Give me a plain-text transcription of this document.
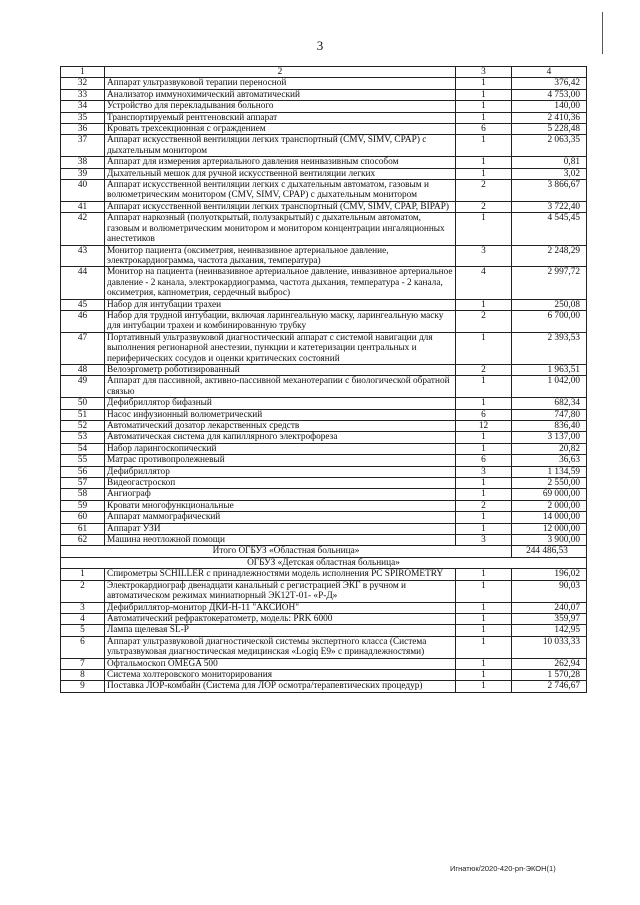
3
1	2	3	4
32	Аппарат ультразвуковой терапии переносной	1	376,42
33	Анализатор иммунохимический автоматический	1	4 753,00
34	Устройство для перекладывания больного	1	140,00
35	Транспортируемый рентгеновский аппарат	1	2 410,36
36	Кровать трехсекционная с ограждением	6	5 228,48
37	Аппарат искусственной вентиляции легких транспортный (CMV, SIMV, CPAP) с дыхательным монитором	1	2 063,35
38	Аппарат для измерения артериального давления неинвазивным способом	1	0,81
39	Дыхательный мешок для ручной искусственной вентиляции легких	1	3,02
40	Аппарат искусственной вентиляции легких с дыхательным автоматом, газовым и волюметрическим монитором (CMV, SIMV, CPAP) с дыхательным монитором	2	3 866,67
41	Аппарат искусственной вентиляции легких транспортный (CMV, SIMV, CPAP, BIPAP)	2	3 722,40
42	Аппарат наркозный (полуоткрытый, полузакрытый) с дыхательным автоматом, газовым и волюметрическим монитором и монитором концентрации ингаляционных анестетиков	1	4 545,45
43	Монитор пациента (оксиметрия, неинвазивное артериальное давление, электрокардиограмма, частота дыхания, температура)	3	2 248,29
44	Монитор на пациента (неинвазивное артериальное давление, инвазивное артериальное давление - 2 канала, электрокардиограмма, частота дыхания, температура - 2 канала, оксиметрия, капнометрия, сердечный выброс)	4	2 997,72
45	Набор для интубации трахеи	1	250,08
46	Набор для трудной интубации, включая ларингеальную маску, ларингеальную маску для интубации трахеи и комбинированную трубку	2	6 700,00
47	Портативный ультразвуковой диагностический аппарат с системой навигации для выполнения регионарной анестезии, пункции и катетеризации центральных и периферических сосудов и оценки критических состояний	1	2 393,53
48	Велоэргометр роботизированный	2	1 963,51
49	Аппарат для пассивной, активно-пассивной механотерапии с биологической обратной связью	1	1 042,00
50	Дефибриллятор бифазный	1	682,34
51	Насос инфузионный волюметрический	6	747,80
52	Автоматический дозатор лекарственных средств	12	836,40
53	Автоматическая система для капиллярного электрофореза	1	3 137,00
54	Набор ларингоскопический	1	20,82
55	Матрас противопролежневый	6	36,63
56	Дефибриллятор	3	1 134,59
57	Видеогастроскоп	1	2 550,00
58	Ангиограф	1	69 000,00
59	Кровати многофункциональные	2	2 000,00
60	Аппарат маммографический	1	14 000,00
61	Аппарат УЗИ	1	12 000,00
62	Машина неотложной помощи	3	3 900,00
Итого ОГБУЗ «Областная больница»			244 486,53
ОГБУЗ «Детская областная больница»			
1	Спирометры SCHILLER с принадлежностями модель исполнения PC SPIROMETRY	1	196,02
2	Электрокардиограф двенадцати канальный с регистрацией ЭКГ в ручном и автоматическом режимах миниатюрный ЭК12Т-01- «Р-Д»	1	90,03
3	Дефибриллятор-монитор ДКИ-Н-11 "АКСИОН"	1	240,07
4	Автоматический рефрактокератометр, модель: PRK 6000	1	359,97
5	Лампа щелевая SL-P	1	142,95
6	Аппарат ультразвуковой диагностической системы экспертного класса (Система ультразвуковая диагностическая медицинская «Logiq E9» с принадлежностями)	1	10 033,33
7	Офтальмоскоп OMEGA 500	1	262,94
8	Система холтеровского мониторирования	1	1 570,28
9	Поставка ЛОР-комбайн (Система для ЛОР осмотра/терапевтических процедур)	1	2 746,67
Игнатюк/2020-420-рп-ЭКОН(1)
